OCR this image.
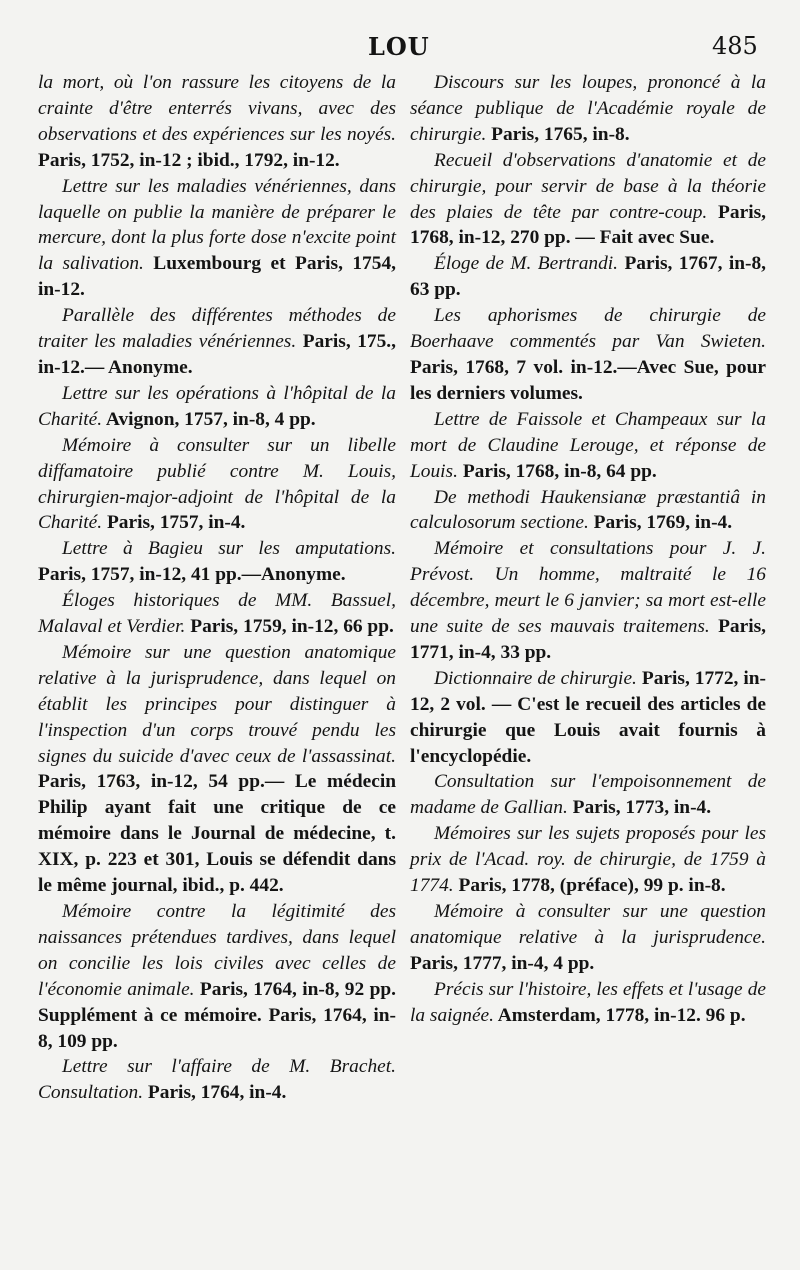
LOU	485

la mort, où l'on rassure les citoyens de la crainte d'être enterrés vivans, avec des observations et des expériences sur les noyés. Paris, 1752, in-12 ; ibid., 1792, in-12.

Lettre sur les maladies vénériennes, dans laquelle on publie la manière de préparer le mercure, dont la plus forte dose n'excite point la salivation. Luxembourg et Paris, 1754, in-12.

Parallèle des différentes méthodes de traiter les maladies vénériennes. Paris, 175., in-12.— Anonyme.

Lettre sur les opérations à l'hôpital de la Charité. Avignon, 1757, in-8, 4 pp.

Mémoire à consulter sur un libelle diffamatoire publié contre M. Louis, chirurgien-major-adjoint de l'hôpital de la Charité. Paris, 1757, in-4.

Lettre à Bagieu sur les amputations. Paris, 1757, in-12, 41 pp.—Anonyme.

Éloges historiques de MM. Bassuel, Malaval et Verdier. Paris, 1759, in-12, 66 pp.

Mémoire sur une question anatomique relative à la jurisprudence, dans lequel on établit les principes pour distinguer à l'inspection d'un corps trouvé pendu les signes du suicide d'avec ceux de l'assassinat. Paris, 1763, in-12, 54 pp.— Le médecin Philip ayant fait une critique de ce mémoire dans le Journal de médecine, t. XIX, p. 223 et 301, Louis se défendit dans le même journal, ibid., p. 442.

Mémoire contre la légitimité des naissances prétendues tardives, dans lequel on concilie les lois civiles avec celles de l'économie animale. Paris, 1764, in-8, 92 pp. Supplément à ce mémoire. Paris, 1764, in-8, 109 pp.

Lettre sur l'affaire de M. Brachet. Consultation. Paris, 1764, in-4.

Discours sur les loupes, prononcé à la séance publique de l'Académie royale de chirurgie. Paris, 1765, in-8.

Recueil d'observations d'anatomie et de chirurgie, pour servir de base à la théorie des plaies de tête par contre-coup. Paris, 1768, in-12, 270 pp. — Fait avec Sue.

Éloge de M. Bertrandi. Paris, 1767, in-8, 63 pp.

Les aphorismes de chirurgie de Boerhaave commentés par Van Swieten. Paris, 1768, 7 vol. in-12.—Avec Sue, pour les derniers volumes.

Lettre de Faissole et Champeaux sur la mort de Claudine Lerouge, et réponse de Louis. Paris, 1768, in-8, 64 pp.

De methodi Haukensianæ præstantiâ in calculosorum sectione. Paris, 1769, in-4.

Mémoire et consultations pour J. J. Prévost. Un homme, maltraité le 16 décembre, meurt le 6 janvier; sa mort est-elle une suite de ses mauvais traitemens. Paris, 1771, in-4, 33 pp.

Dictionnaire de chirurgie. Paris, 1772, in-12, 2 vol. — C'est le recueil des articles de chirurgie que Louis avait fournis à l'encyclopédie.

Consultation sur l'empoisonnement de madame de Gallian. Paris, 1773, in-4.

Mémoires sur les sujets proposés pour les prix de l'Acad. roy. de chirurgie, de 1759 à 1774. Paris, 1778, (préface), 99 p. in-8.

Mémoire à consulter sur une question anatomique relative à la jurisprudence. Paris, 1777, in-4, 4 pp.

Précis sur l'histoire, les effets et l'usage de la saignée. Amsterdam, 1778, in-12. 96 p.
